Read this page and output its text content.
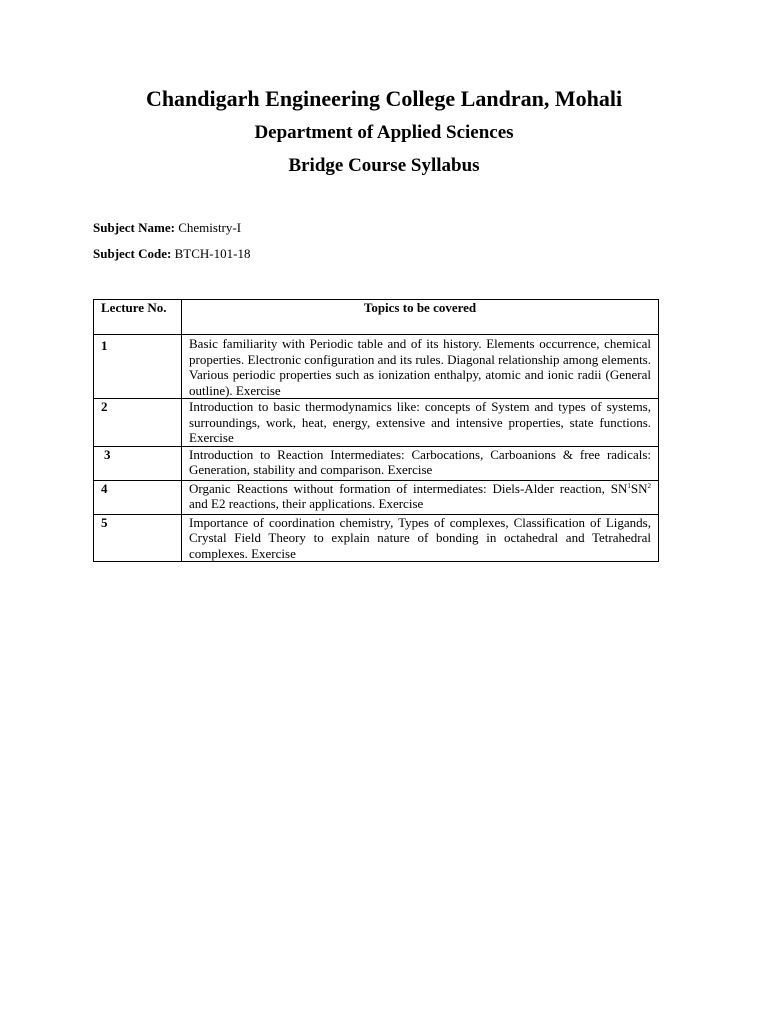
Chandigarh Engineering College Landran, Mohali
Department of Applied Sciences
Bridge Course Syllabus
Subject Name: Chemistry-I
Subject Code: BTCH-101-18
Lecture No.	Topics to be covered
1	Basic familiarity with Periodic table and of its history. Elements occurrence, chemical properties. Electronic configuration and its rules. Diagonal relationship among elements. Various periodic properties such as ionization enthalpy, atomic and ionic radii (General outline). Exercise
2	Introduction to basic thermodynamics like: concepts of System and types of systems, surroundings, work, heat, energy, extensive and intensive properties, state functions. Exercise
3	Introduction to Reaction Intermediates: Carbocations, Carboanions & free radicals: Generation, stability and comparison. Exercise
4	Organic Reactions without formation of intermediates: Diels-Alder reaction, $SN^1SN^2$ and E2 reactions, their applications. Exercise
5	Importance of coordination chemistry, Types of complexes, Classification of Ligands, Crystal Field Theory to explain nature of bonding in octahedral and Tetrahedral complexes. Exercise
